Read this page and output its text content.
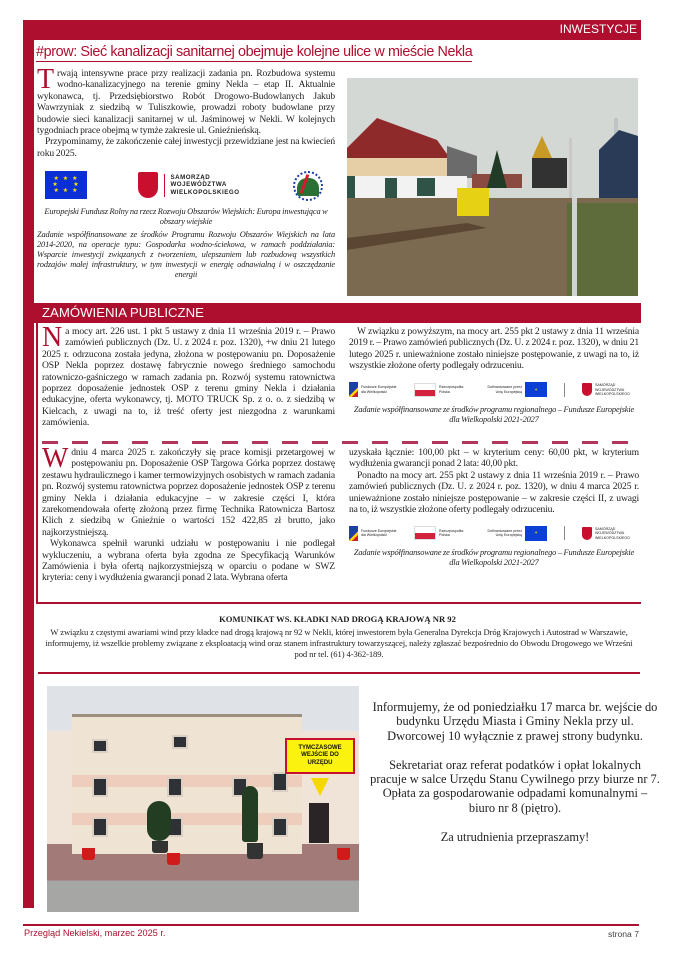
INWESTYCJE
#prow: Sieć kanalizacji sanitarnej obejmuje kolejne ulice w mieście Nekla

Trwają intensywne prace przy realizacji zadania pn. Rozbudowa systemu wodno-kanalizacyjnego na terenie gminy Nekla – etap II. Aktualnie wykonawca, tj. Przedsiębiorstwo Robót Drogowo-Budowlanych Jakub Wawrzyniak z siedzibą w Tuliszkowie, prowadzi roboty budowlane przy budowie sieci kanalizacji sanitarnej w ul. Jaśminowej w Nekli. W kolejnych tygodniach prace obejmą w tymże zakresie ul. Gnieźnieńską.

Przypominamy, że zakończenie całej inwestycji przewidziane jest na kwiecień roku 2025.

★ ★ ★
★     ★
★ ★ ★
SAMORZĄD
WOJEWÓDZTWA
WIELKOPOLSKIEGO
Europejski Fundusz Rolny na rzecz Rozwoju Obszarów Wiejskich: Europa inwestująca w obszary wiejskie
Zadanie współfinansowane ze środków Programu Rozwoju Obszarów Wiejskich na lata 2014-2020, na operacje typu: Gospodarka wodno-ściekowa, w ramach poddziałania: Wsparcie inwestycji związanych z tworzeniem, ulepszaniem lub rozbudową wszystkich rodzajów małej infrastruktury, w tym inwestycji w energię odnawialną i w oszczędzanie energii
ZAMÓWIENIA PUBLICZNE

Na mocy art. 226 ust. 1 pkt 5 ustawy z dnia 11 września 2019 r. – Prawo zamówień publicznych (Dz. U. z 2024 r. poz. 1320), +w dniu 21 lutego 2025 r. odrzucona została jedyna, złożona w postępowaniu pn. Doposażenie OSP Nekla poprzez dostawę fabrycznie nowego średniego samochodu ratowniczo-gaśniczego w ramach zadania pn. Rozwój systemu ratownictwa poprzez doposażenie jednostek OSP z terenu gminy Nekla i działania edukacyjne, oferta wykonawcy, tj. MOTO TRUCK Sp. z o. o. z siedzibą w Kielcach, z uwagi na to, iż treść oferty jest niezgodna z warunkami zamówienia.

W związku z powyższym, na mocy art. 255 pkt 2 ustawy z dnia 11 września 2019 r. – Prawo zamówień publicznych (Dz. U. z 2024 r. poz. 1320), w dniu 21 lutego 2025 r. unieważnione zostało niniejsze postępowanie, z uwagi na to, iż wszystkie złożone oferty podlegały odrzuceniu.

Fundusze Europejskie dla Wielkopolski
Rzeczpospolita Polska
Dofinansowane przez Unię Europejską
✶
SAMORZĄD WOJEWÓDZTWA WIELKOPOLSKIEGO
Zadanie współfinansowane ze środków programu regionalnego – Fundusze Europejskie dla Wielkopolski 2021-2027

Wdniu 4 marca 2025 r. zakończyły się prace komisji przetargowej w postępowaniu pn. Doposażenie OSP Targowa Górka poprzez dostawę zestawu hydraulicznego i kamer termowizyjnych osobistych w ramach zadania pn. Rozwój systemu ratownictwa poprzez doposażenie jednostek OSP z terenu gminy Nekla i działania edukacyjne – w zakresie części I, która zarekomendowała ofertę złożoną przez firmę Technika Ratownicza Bartosz Klich z siedzibą w Gnieźnie o wartości 152 422,85 zł brutto, jako najkorzystniejszą.

Wykonawca spełnił warunki udziału w postępowaniu i nie podlegał wykluczeniu, a wybrana oferta była zgodna ze Specyfikacją Warunków Zamówienia i była ofertą najkorzystniejszą w oparciu o podane w SWZ kryteria: ceny i wydłużenia gwarancji ponad 2 lata. Wybrana oferta

uzyskała łącznie: 100,00 pkt – w kryterium ceny: 60,00 pkt, w kryterium wydłużenia gwarancji ponad 2 lata: 40,00 pkt.

Ponadto na mocy art. 255 pkt 2 ustawy z dnia 11 września 2019 r. – Prawo zamówień publicznych (Dz. U. z 2024 r. poz. 1320), w dniu 4 marca 2025 r. unieważnione zostało niniejsze postępowanie – w zakresie części II, z uwagi na to, iż wszystkie złożone oferty podlegały odrzuceniu.

Fundusze Europejskie dla Wielkopolski
Rzeczpospolita Polska
Dofinansowane przez Unię Europejską
✶
SAMORZĄD WOJEWÓDZTWA WIELKOPOLSKIEGO
Zadanie współfinansowane ze środków programu regionalnego – Fundusze Europejskie dla Wielkopolski 2021-2027
KOMUNIKAT WS. KŁADKI NAD DROGĄ KRAJOWĄ NR 92
W związku z częstymi awariami wind przy kładce nad drogą krajową nr 92 w Nekli, której inwestorem była Generalna Dyrekcja Dróg Krajowych i Autostrad w Warszawie, informujemy, iż wszelkie problemy związane z eksploatacją wind oraz stanem infrastruktury towarzyszącej, należy zgłaszać bezpośrednio do Obwodu Drogowego we Wrześni pod nr tel. (61) 4-362-189.
TYMCZASOWE WEJŚCIE DO URZĘDU

Informujemy, że od poniedziałku 17 marca br. wejście do budynku Urzędu Miasta i Gminy Nekla przy ul. Dworcowej 10 wyłącznie z prawej strony budynku.

Sekretariat oraz referat podatków i opłat lokalnych pracuje w salce Urzędu Stanu Cywilnego przy biurze nr 7. Opłata za gospodarowanie odpadami komunalnymi – biuro nr 8 (piętro).

Za utrudnienia przepraszamy!

Przegląd Nekielski, marzec 2025 r.	strona 7
